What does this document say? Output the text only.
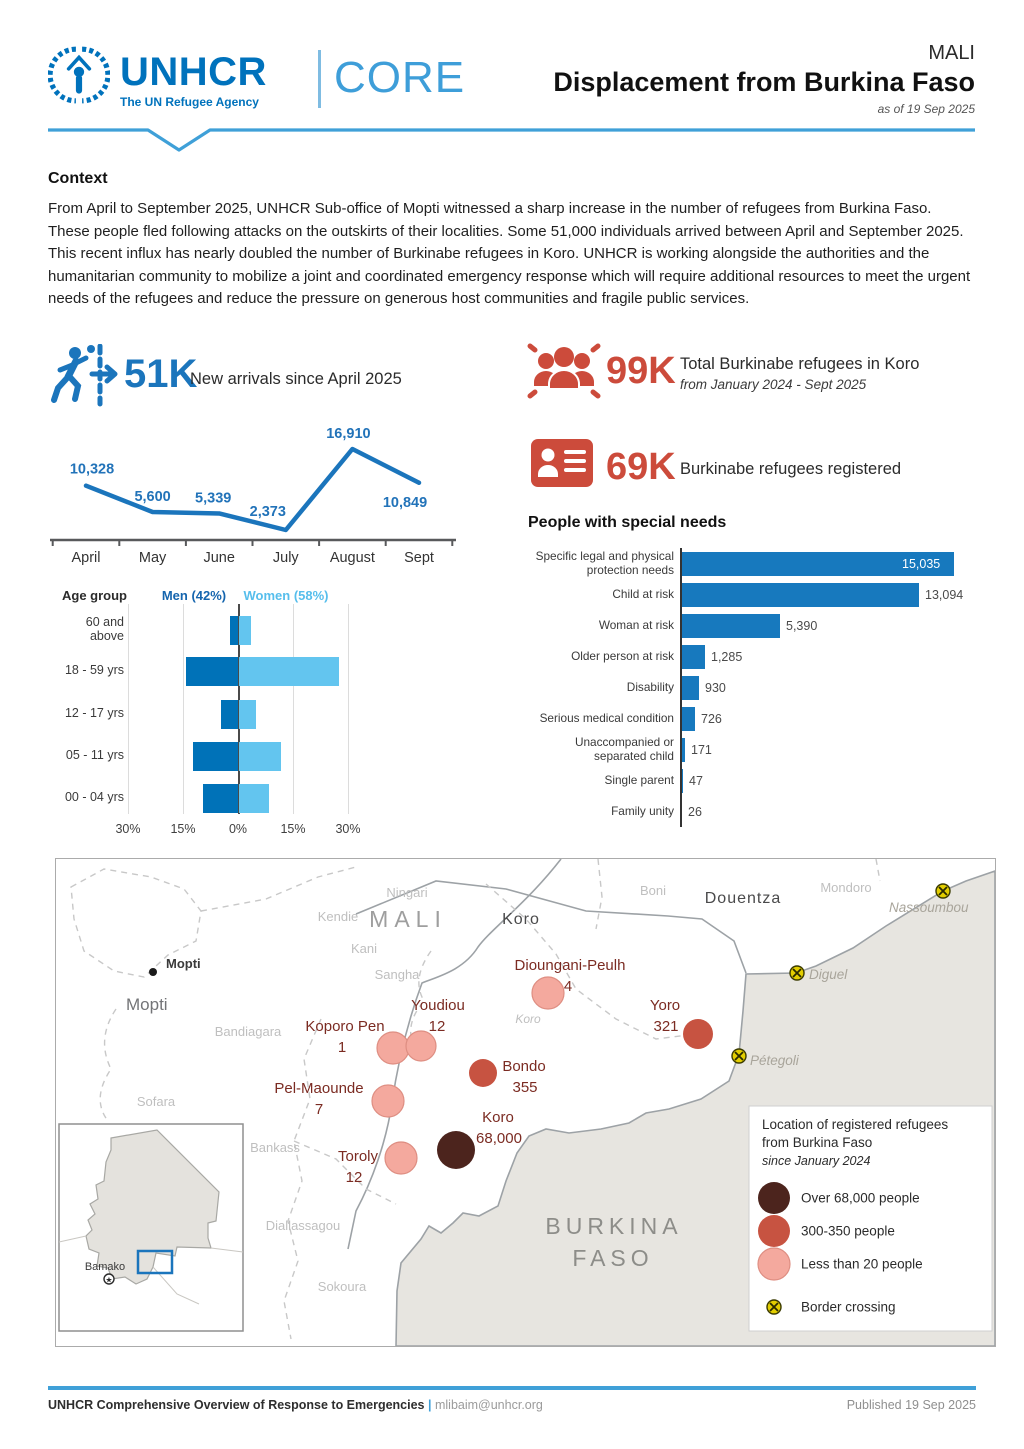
UNHCR
The UN Refugee Agency CORE	MALI
Displacement from Burkina Faso
as of 19 Sep 2025
Context
From April to September 2025, UNHCR Sub-office of Mopti witnessed a sharp increase in the number of refugees from Burkina Faso. These people fled following attacks on the outskirts of their localities. Some 51,000 individuals arrived between April and September 2025. This recent influx has nearly doubled the number of Burkinabe refugees in Koro. UNHCR is working alongside the authorities and the humanitarian community to mobilize a joint and coordinated emergency response which will require additional resources to meet the urgent needs of the refugees and reduce the pressure on generous host communities and fragile public services.
51K
New arrivals since April 2025
10,328
5,600 5,339
2,373
16,910
10,849
April	May	June	July August Sept
99K Total Burkinabe refugees in Koro
from January 2024 - Sept 2025
69K Burkinabe refugees registered
People with special needs
Specific legal and physical protection needs	15,035
Child at risk	13,094
Woman at risk	5,390
Older person at risk	1,285
Disability	930
Serious medical condition	726
Unaccompanied or separated child	171
Single parent	47
Family unity	26
Age group	Men (42%) Women (58%)
60 and above
18 - 59 yrs
12 - 17 yrs
05 - 11 yrs
00 - 04 yrs
30% 15%	0%	15% 30%
★
Bamako
MALI
BURKINA
FASO
Douentza
Koro
Mopti
Ningari
Kendie
Kani
Sangha
Bandiagara
Sofara
Bankass
Diallassagou
Sokoura
Boni	Mondoro
Koro
Mopti
Koporo Pen
1
Youdiou
12
Dioungani-Peulh
4
Yoro
321
Bondo
355
Koro
68,000
Pel-Maounde
7
Toroly
12
Nassoumbou
Diguel
Pétegoli
Location of registered refugees
from Burkina Faso
since January 2024
Over 68,000 people
300-350 people
Less than 20 people
Border crossing
UNHCR Comprehensive Overview of Response to Emergencies | mlibaim@unhcr.org	Published 19 Sep 2025
